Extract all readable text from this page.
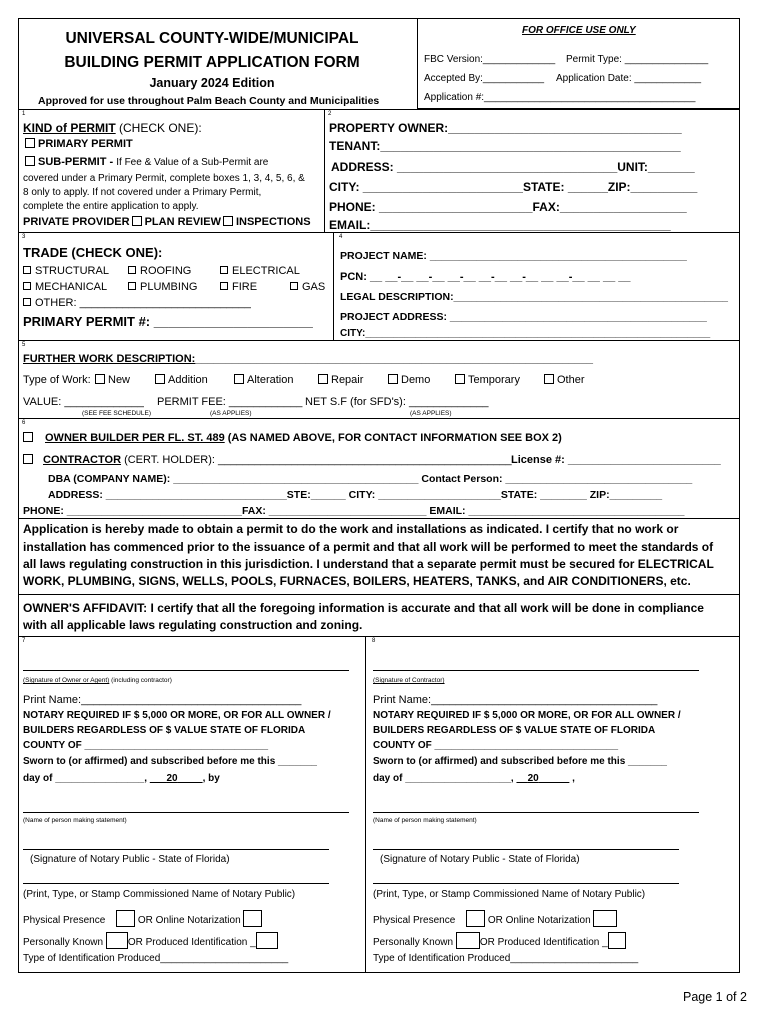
FOR OFFICE USE ONLY
FBC Version:_____________ Permit Type: _______________
Accepted By:___________ Application Date: ____________
Application #:______________________________________
UNIVERSAL COUNTY-WIDE/MUNICIPAL
BUILDING PERMIT APPLICATION FORM
January 2024 Edition
Approved for use throughout Palm Beach County and Municipalities
1
KIND of PERMIT (CHECK ONE):
PRIMARY PERMIT
SUB-PERMIT - If Fee & Value of a Sub-Permit are
covered under a Primary Permit, complete boxes 1, 3, 4, 5, 6, &
8 only to apply. If not covered under a Primary Permit,
complete the entire application to apply.
PRIVATE PROVIDER PLAN REVIEW INSPECTIONS
2
PROPERTY OWNER:___________________________________
TENANT:_____________________________________________
ADDRESS: _________________________________UNIT:_______
CITY: ________________________STATE: ______ZIP:__________
PHONE: _______________________FAX:___________________
EMAIL:_____________________________________________
3
TRADE (CHECK ONE):
STRUCTURAL	ROOFING	ELECTRICAL
MECHANICAL	PLUMBING	FIRE	GAS
OTHER: ____________________________
PRIMARY PERMIT #: ______________________
4
PROJECT NAME: ____________________________________________
PCN: __ __-__ __-__ __-__ __-__ __-__ __ __-__ __ __ __
LEGAL DESCRIPTION:_______________________________________________
PROJECT ADDRESS: ____________________________________________
CITY:______________________________________________________________
5
FURTHER WORK DESCRIPTION:_________________________________________________________________
Type of Work:	New	Addition	Alteration	Repair	Demo	Temporary	Other
VALUE: _____________ PERMIT FEE: ____________ NET S.F (for SFD's): _____________
(SEE FEE SCHEDULE)	(AS APPLIES)	(AS APPLIES)
6
OWNER BUILDER PER FL. ST. 489 (AS NAMED ABOVE, FOR CONTACT INFORMATION SEE BOX 2)
CONTRACTOR (CERT. HOLDER): ________________________________________________ License #: _________________________
DBA (COMPANY NAME): __________________________________________ Contact Person: ________________________________
ADDRESS: _______________________________STE:______ CITY: _____________________STATE: ________ ZIP:_________
PHONE: ______________________________FAX: ___________________________ EMAIL: _____________________________________
Application is hereby made to obtain a permit to do the work and installations as indicated. I certify that no work or
installation has commenced prior to the issuance of a permit and that all work will be performed to meet the standards of
all laws regulating construction in this jurisdiction. I understand that a separate permit must be secured for ELECTRICAL
WORK, PLUMBING, SIGNS, WELLS, POOLS, FURNACES, BOILERS, HEATERS, TANKS, and AIR CONDITIONERS, etc.
OWNER'S AFFIDAVIT: I certify that all the foregoing information is accurate and that all work will be done in compliance
with all applicable laws regulating construction and zoning.
7
(Signature of Owner or Agent) (including contractor)
Print Name:____________________________________
NOTARY REQUIRED IF $ 5,000 OR MORE, OR FOR ALL OWNER /
BUILDERS REGARDLESS OF $ VALUE STATE OF FLORIDA
COUNTY OF _________________________________
Sworn to (or affirmed) and subscribed before me this _______
day of ________________,  _   20	, by
(Name of person making statement)
(Signature of Notary Public - State of Florida)
(Print, Type, or Stamp Commissioned Name of Notary Public)
Physical Presence	OR Online Notarization
Personally Known OR Produced Identification _
Type of Identification Produced_______________________
8
(Signature of Contractor)
Print Name:_____________________________________
NOTARY REQUIRED IF $ 5,000 OR MORE, OR FOR ALL OWNER /
BUILDERS REGARDLESS OF $ VALUE STATE OF FLORIDA
COUNTY OF _________________________________
Sworn to (or affirmed) and subscribed before me this _______
day of ___________________,  _ 20 _____ ,
(Name of person making statement)
(Signature of Notary Public - State of Florida)
(Print, Type, or Stamp Commissioned Name of Notary Public)
Physical Presence	OR Online Notarization
Personally Known	OR Produced Identification _
Type of Identification Produced_______________________
Page 1 of 2
